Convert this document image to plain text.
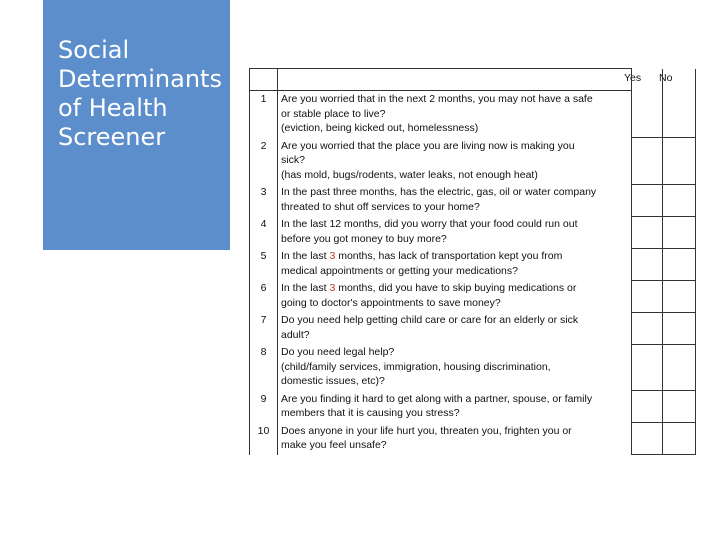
Social
Determinants
of Health
Screener
Yes No

1	Are you worried that in the next 2 months, you may not have a safe
or stable place to live?
(eviction, being kicked out, homelessness)		

2	Are you worried that the place you are living now is making you
sick?
(has mold, bugs/rodents, water leaks, not enough heat)		

3	In the past three months, has the electric, gas, oil or water company
threated to shut off services to your home?		

4	In the last 12 months, did you worry that your food could run out
before you got money to buy more?		

5	In the last 3 months, has lack of transportation kept you from
medical appointments or getting your medications?		

6	In the last 3 months, did you have to skip buying medications or
going to doctor's appointments to save money?		

7	Do you need help getting child care or care for an elderly or sick
adult?		

8	Do you need legal help?
(child/family services, immigration, housing discrimination,
domestic issues, etc)?		

9	Are you finding it hard to get along with a partner, spouse, or family
members that it is causing you stress?		

10	Does anyone in your life hurt you, threaten you, frighten you or
make you feel unsafe?		
